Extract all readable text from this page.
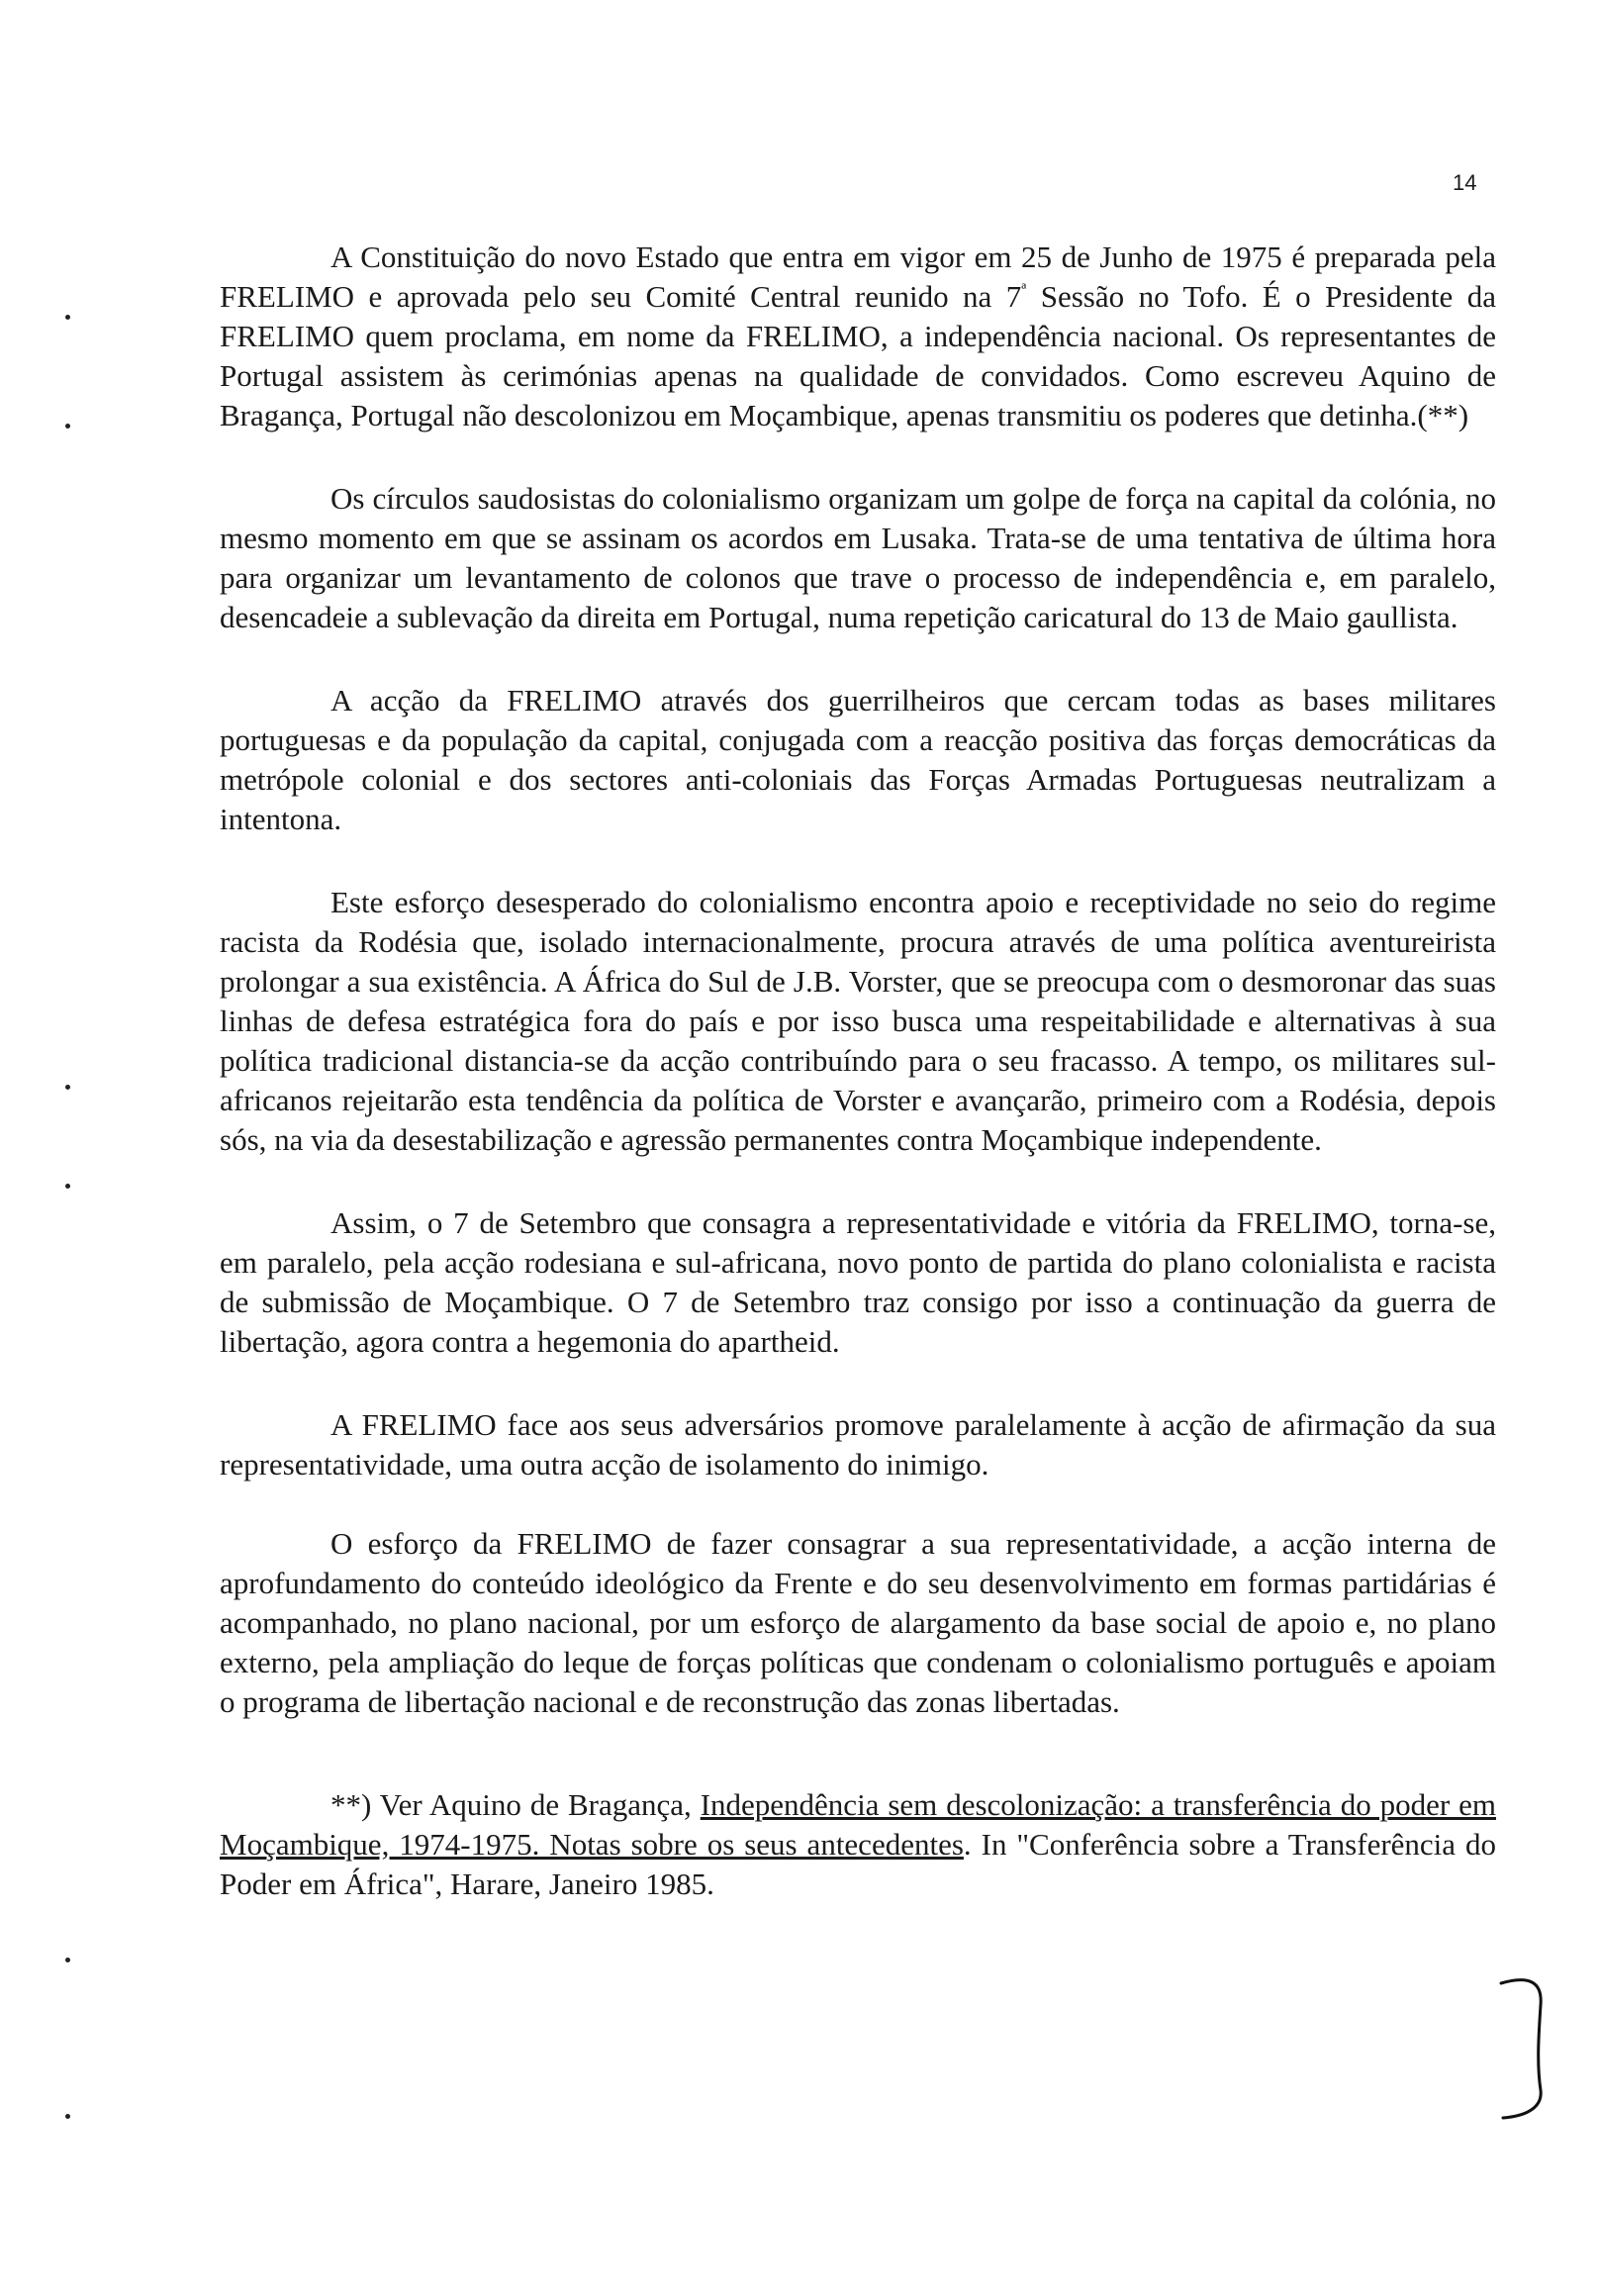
14

A Constituição do novo Estado que entra em vigor em 25 de Junho de 1975 é preparada pela FRELIMO e aprovada pelo seu Comité Central reunido na $7^ª$ Sessão no Tofo. É o Presidente da FRELIMO quem proclama, em nome da FRELIMO, a independência nacional. Os representantes de Portugal assistem às cerimónias apenas na qualidade de convidados. Como escreveu Aquino de Bragança, Portugal não descolonizou em Moçambique, apenas transmitiu os poderes que detinha.(**)

Os círculos saudosistas do colonialismo organizam um golpe de força na capital da colónia, no mesmo momento em que se assinam os acordos em Lusaka. Trata-se de uma tentativa de última hora para organizar um levantamento de colonos que trave o processo de independência e, em paralelo, desencadeie a sublevação da direita em Portugal, numa repetição caricatural do 13 de Maio gaullista.

A acção da FRELIMO através dos guerrilheiros que cercam todas as bases militares portuguesas e da população da capital, conjugada com a reacção positiva das forças democráticas da metrópole colonial e dos sectores anti-coloniais das Forças Armadas Portuguesas neutralizam a intentona.

Este esforço desesperado do colonialismo encontra apoio e receptividade no seio do regime racista da Rodésia que, isolado internacionalmente, procura através de uma política aventureirista prolongar a sua existência. A África do Sul de J.B. Vorster, que se preocupa com o desmoronar das suas linhas de defesa estratégica fora do país e por isso busca uma respeitabilidade e alternativas à sua política tradicional distancia-se da acção contribuíndo para o seu fracasso. A tempo, os militares sul-africanos rejeitarão esta tendência da política de Vorster e avançarão, primeiro com a Rodésia, depois sós, na via da desestabilização e agressão permanentes contra Moçambique independente.

Assim, o 7 de Setembro que consagra a representatividade e vitória da FRELIMO, torna-se, em paralelo, pela acção rodesiana e sul-africana, novo ponto de partida do plano colonialista e racista de submissão de Moçambique. O 7 de Setembro traz consigo por isso a continuação da guerra de libertação, agora contra a hegemonia do apartheid.

A FRELIMO face aos seus adversários promove paralelamente à acção de afirmação da sua representatividade, uma outra acção de isolamento do inimigo.

O esforço da FRELIMO de fazer consagrar a sua representatividade, a acção interna de aprofundamento do conteúdo ideológico da Frente e do seu desenvolvimento em formas partidárias é acompanhado, no plano nacional, por um esforço de alargamento da base social de apoio e, no plano externo, pela ampliação do leque de forças políticas que condenam o colonialismo português e apoiam o programa de libertação nacional e de reconstrução das zonas libertadas.

**) Ver Aquino de Bragança, Independência sem descolonização: a transferência do poder em Moçambique, 1974-1975. Notas sobre os seus antecedentes. In "Conferência sobre a Transferência do Poder em África", Harare, Janeiro 1985.
